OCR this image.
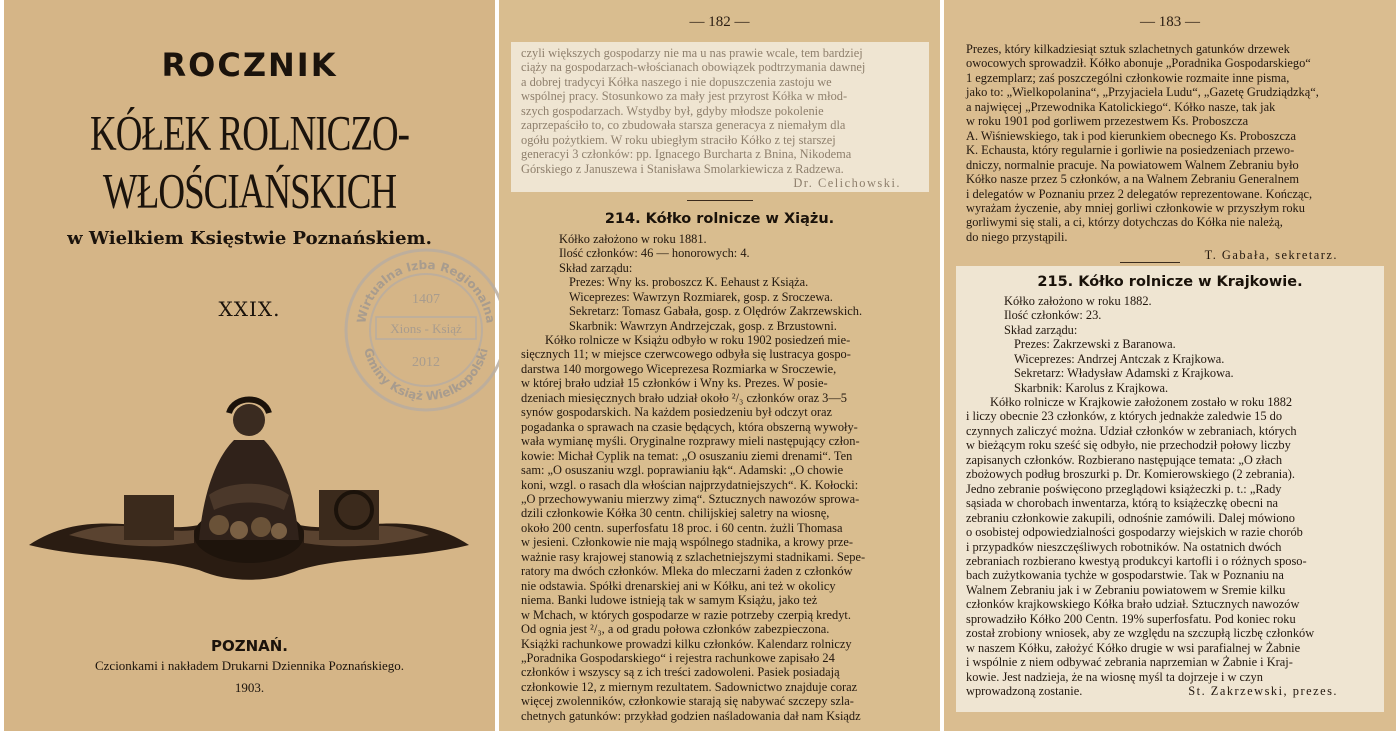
ROCZNIK
KÓŁEK ROLNICZO-WŁOŚCIAŃSKICH
w Wielkiem Księstwie Poznańskiem.
XXIX.
POZNAŃ.
Czcionkami i nakładem Drukarni Dziennika Poznańskiego.
1903.
Wirtualna Izba Regionalna
Gminy Książ Wielkopolski
1407
Xions - Książ
2012
— 182 —

czyli większych gospodarzy nie ma u nas prawie wcale, tem bardziej

ciąży na gospodarzach-włościanach obowiązek podtrzymania dawnej

a dobrej tradycyi Kółka naszego i nie dopuszczenia zastoju we

wspólnej pracy. Stosunkowo za mały jest przyrost Kółka w młod-

szych gospodarzach. Wstydby był, gdyby młodsze pokolenie

zaprzepaściło to, co zbudowała starsza generacya z niemałym dla

ogółu pożytkiem. W roku ubiegłym straciło Kółko z tej starszej

generacyi 3 członków: pp. Ignacego Burcharta z Bnina, Nikodema

Górskiego z Januszewa i Stanisława Smolarkiewicza z Radzewa.

Dr. Celichowski.

214. Kółko rolnicze w Xiążu.

Kółko założono w roku 1881.

Ilość członków: 46 — honorowych: 4.

Skład zarządu:

Prezes: Wny ks. proboszcz K. Eehaust z Książa.

Wiceprezes: Wawrzyn Rozmiarek, gosp. z Sroczewa.

Sekretarz: Tomasz Gabała, gosp. z Olędrów Zakrzewskich.

Skarbnik: Wawrzyn Andrzejczak, gosp. z Brzustowni.

Kółko rolnicze w Książu odbyło w roku 1902 posiedzeń mie-

sięcznych 11; w miejsce czerwcowego odbyła się lustracya gospo-

darstwa 140 morgowego Wiceprezesa Rozmiarka w Sroczewie,

w której brało udział 15 członków i Wny ks. Prezes. W posie-

dzeniach miesięcznych brało udział około ²/₃ członków oraz 3—5

synów gospodarskich. Na każdem posiedzeniu był odczyt oraz

pogadanka o sprawach na czasie będących, która obszerną wywoły-

wała wymianę myśli. Oryginalne rozprawy mieli następujący człon-

kowie: Michał Cyplik na temat: „O osuszaniu ziemi drenami“. Ten

sam: „O osuszaniu wzgl. poprawianiu łąk“. Adamski: „O chowie

koni, wzgl. o rasach dla włościan najprzydatniejszych“. K. Kołocki:

„O przechowywaniu mierzwy zimą“. Sztucznych nawozów sprowa-

dzili członkowie Kółka 30 centn. chilijskiej saletry na wiosnę,

około 200 centn. superfosfatu 18 proc. i 60 centn. żużli Thomasa

w jesieni. Członkowie nie mają wspólnego stadnika, a krowy prze-

ważnie rasy krajowej stanowią z szlachetniejszymi stadnikami. Sepe-

ratory ma dwóch członków. Mleka do mleczarni żaden z członków

nie odstawia. Spółki drenarskiej ani w Kółku, ani też w okolicy

niema. Banki ludowe istnieją tak w samym Książu, jako też

w Mchach, w których gospodarze w razie potrzeby czerpią kredyt.

Od ognia jest ²/₃, a od gradu połowa członków zabezpieczona.

Książki rachunkowe prowadzi kilku członków. Kalendarz rolniczy

„Poradnika Gospodarskiego“ i rejestra rachunkowe zapisało 24

członków i wszyscy są z ich treści zadowoleni. Pasiek posiadają

członkowie 12, z miernym rezultatem. Sadownictwo znajduje coraz

więcej zwolenników, członkowie starają się nabywać szczepy szla-

chetnych gatunków: przykład godzien naśladowania dał nam Ksiądz

— 183 —

Prezes, który kilkadziesiąt sztuk szlachetnych gatunków drzewek

owocowych sprowadził. Kółko abonuje „Poradnika Gospodarskiego“

1 egzemplarz; zaś poszczególni członkowie rozmaite inne pisma,

jako to: „Wielkopolanina“, „Przyjaciela Ludu“, „Gazetę Grudziądzką“,

a najwięcej „Przewodnika Katolickiego“. Kółko nasze, tak jak

w roku 1901 pod gorliwem przezestwem Ks. Proboszcza

A. Wiśniewskiego, tak i pod kierunkiem obecnego Ks. Proboszcza

K. Echausta, który regularnie i gorliwie na posiedzeniach przewo-

dniczy, normalnie pracuje. Na powiatowem Walnem Zebraniu było

Kółko nasze przez 5 członków, a na Walnem Zebraniu Generalnem

i delegatów w Poznaniu przez 2 delegatów reprezentowane. Kończąc,

wyrażam życzenie, aby mniej gorliwi członkowie w przyszłym roku

gorliwymi się stali, a ci, którzy dotychczas do Kółka nie należą,

do niego przystąpili.

T. Gabała, sekretarz.

215. Kółko rolnicze w Krajkowie.

Kółko założono w roku 1882.

Ilość członków: 23.

Skład zarządu:

Prezes: Zakrzewski z Baranowa.

Wiceprezes: Andrzej Antczak z Krajkowa.

Sekretarz: Władysław Adamski z Krajkowa.

Skarbnik: Karolus z Krajkowa.

Kółko rolnicze w Krajkowie założonem zostało w roku 1882

i liczy obecnie 23 członków, z których jednakże zaledwie 15 do

czynnych zaliczyć można. Udział członków w zebraniach, których

w bieżącym roku sześć się odbyło, nie przechodził połowy liczby

zapisanych członków. Rozbierano następujące temata: „O złach

zbożowych podług broszurki p. Dr. Komierowskiego (2 zebrania).

Jedno zebranie poświęcono przeglądowi książeczki p. t.: „Rady

sąsiada w chorobach inwentarza, którą to książeczkę obecni na

zebraniu członkowie zakupili, odnośnie zamówili. Dalej mówiono

o osobistej odpowiedzialności gospodarzy wiejskich w razie chorób

i przypadków nieszczęśliwych robotników. Na ostatnich dwóch

zebraniach rozbierano kwestyą produkcyi kartofli i o różnych sposo-

bach zużytkowania tychże w gospodarstwie. Tak w Poznaniu na

Walnem Zebraniu jak i w Zebraniu powiatowem w Sremie kilku

członków krajkowskiego Kółka brało udział. Sztucznych nawozów

sprowadziło Kółko 200 Centn. 19% superfosfatu. Pod koniec roku

został zrobiony wniosek, aby ze względu na szczupłą liczbę członków

w naszem Kółku, założyć Kółko drugie w wsi parafialnej w Żabnie

i wspólnie z niem odbywać zebrania naprzemian w Żabnie i Kraj-

kowie. Jest nadzieja, że na wiosnę myśl ta dojrzeje i w czyn

wprowadzoną zostanie.	St. Zakrzewski, prezes.
